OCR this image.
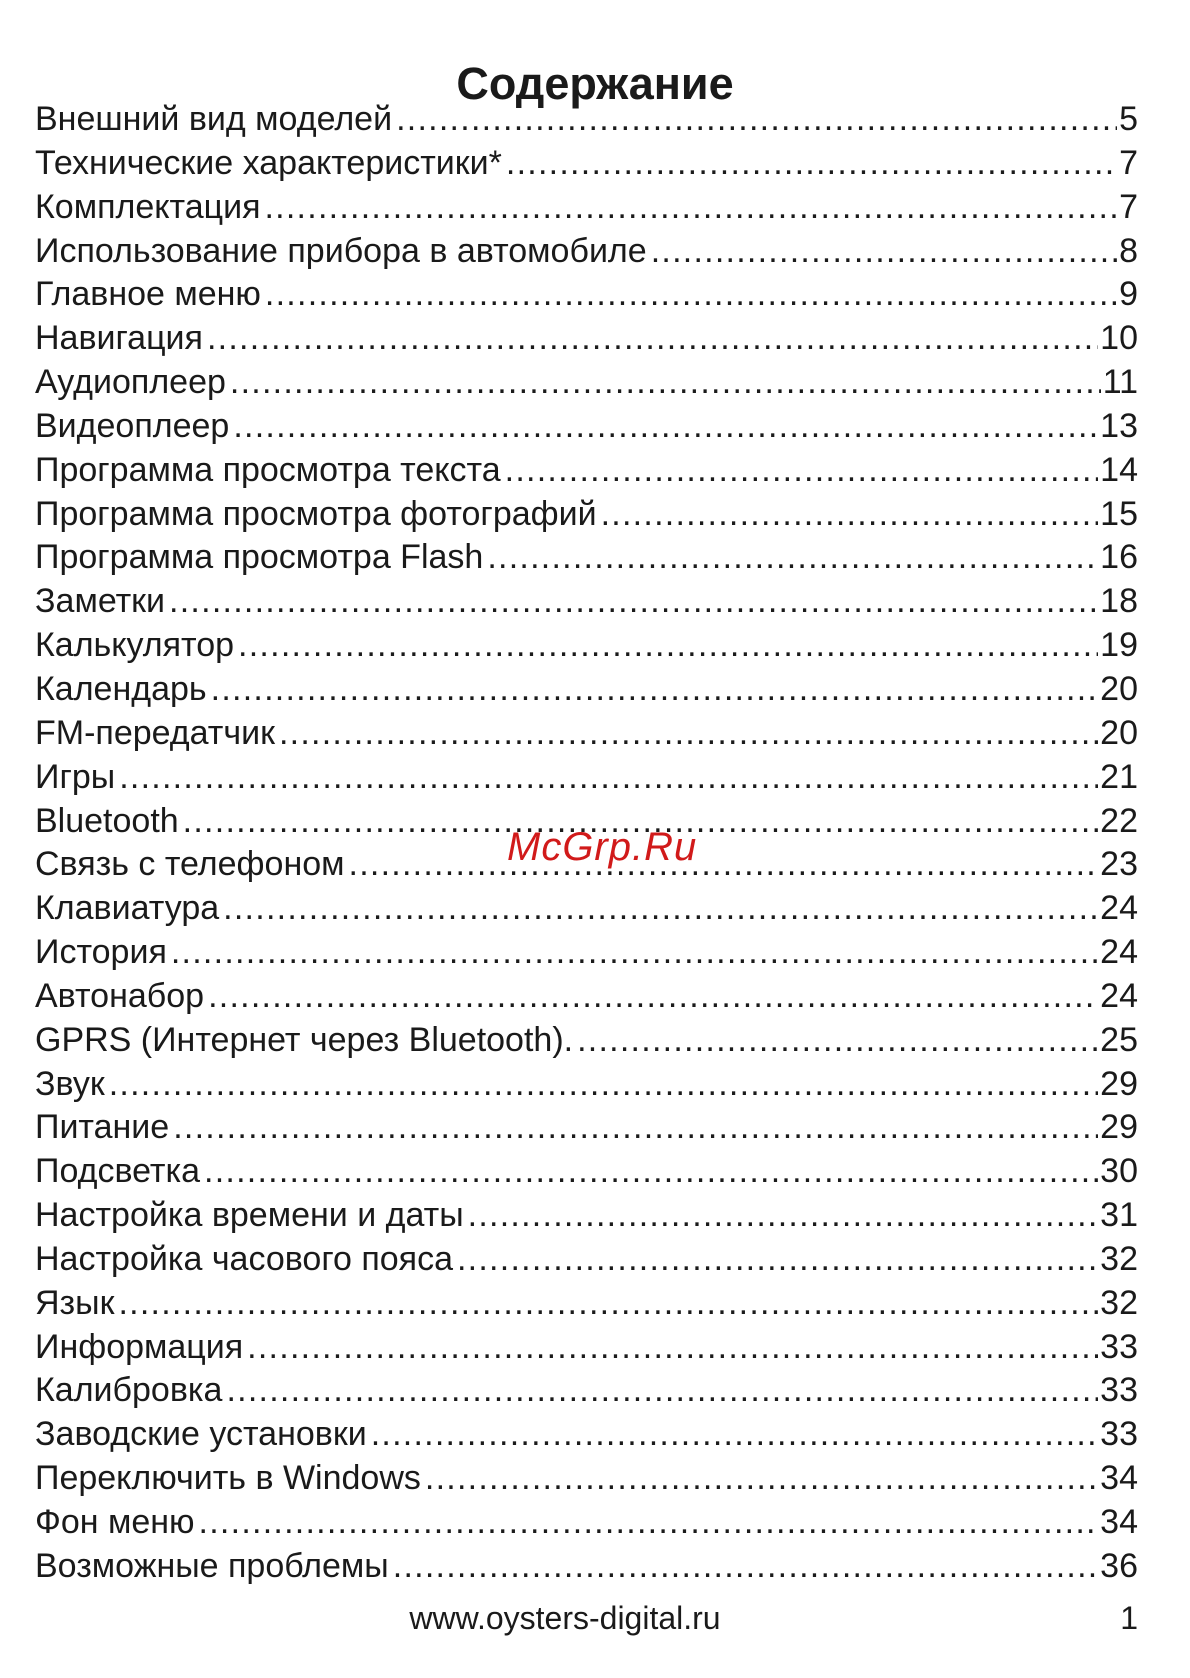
Содержание
Внешний вид моделей . . .	5
Технические характеристики* . . .	7
Комплектация . . .	7
Использование прибора в автомобиле . . .	8
Главное меню . . .	9
Навигация . . .	10
Аудиоплеер . . .	11
Видеоплеер . . .	13
Программа просмотра текста . . .	14
Программа просмотра фотографий . . .	15
Программа просмотра Flash . . .	16
Заметки . . .	18
Калькулятор . . .	19
Календарь . . .	20
FM-передатчик . . .	20
Игры . . .	21
Bluetooth . . .	22
Связь с телефоном . . .	23
Клавиатура . . .	24
История . . .	24
Автонабор . . .	24
GPRS (Интернет через Bluetooth). . . .	25
Звук . . .	29
Питание . . .	29
Подсветка . . .	30
Настройка времени и даты . . .	31
Настройка часового пояса . . .	32
Язык . . .	32
Информация . . .	33
Калибровка . . .	33
Заводские установки . . .	33
Переключить в Windows . . .	34
Фон меню . . .	34
Возможные проблемы . . .	36
McGrp.Ru
www.oysters-digital.ru	1
